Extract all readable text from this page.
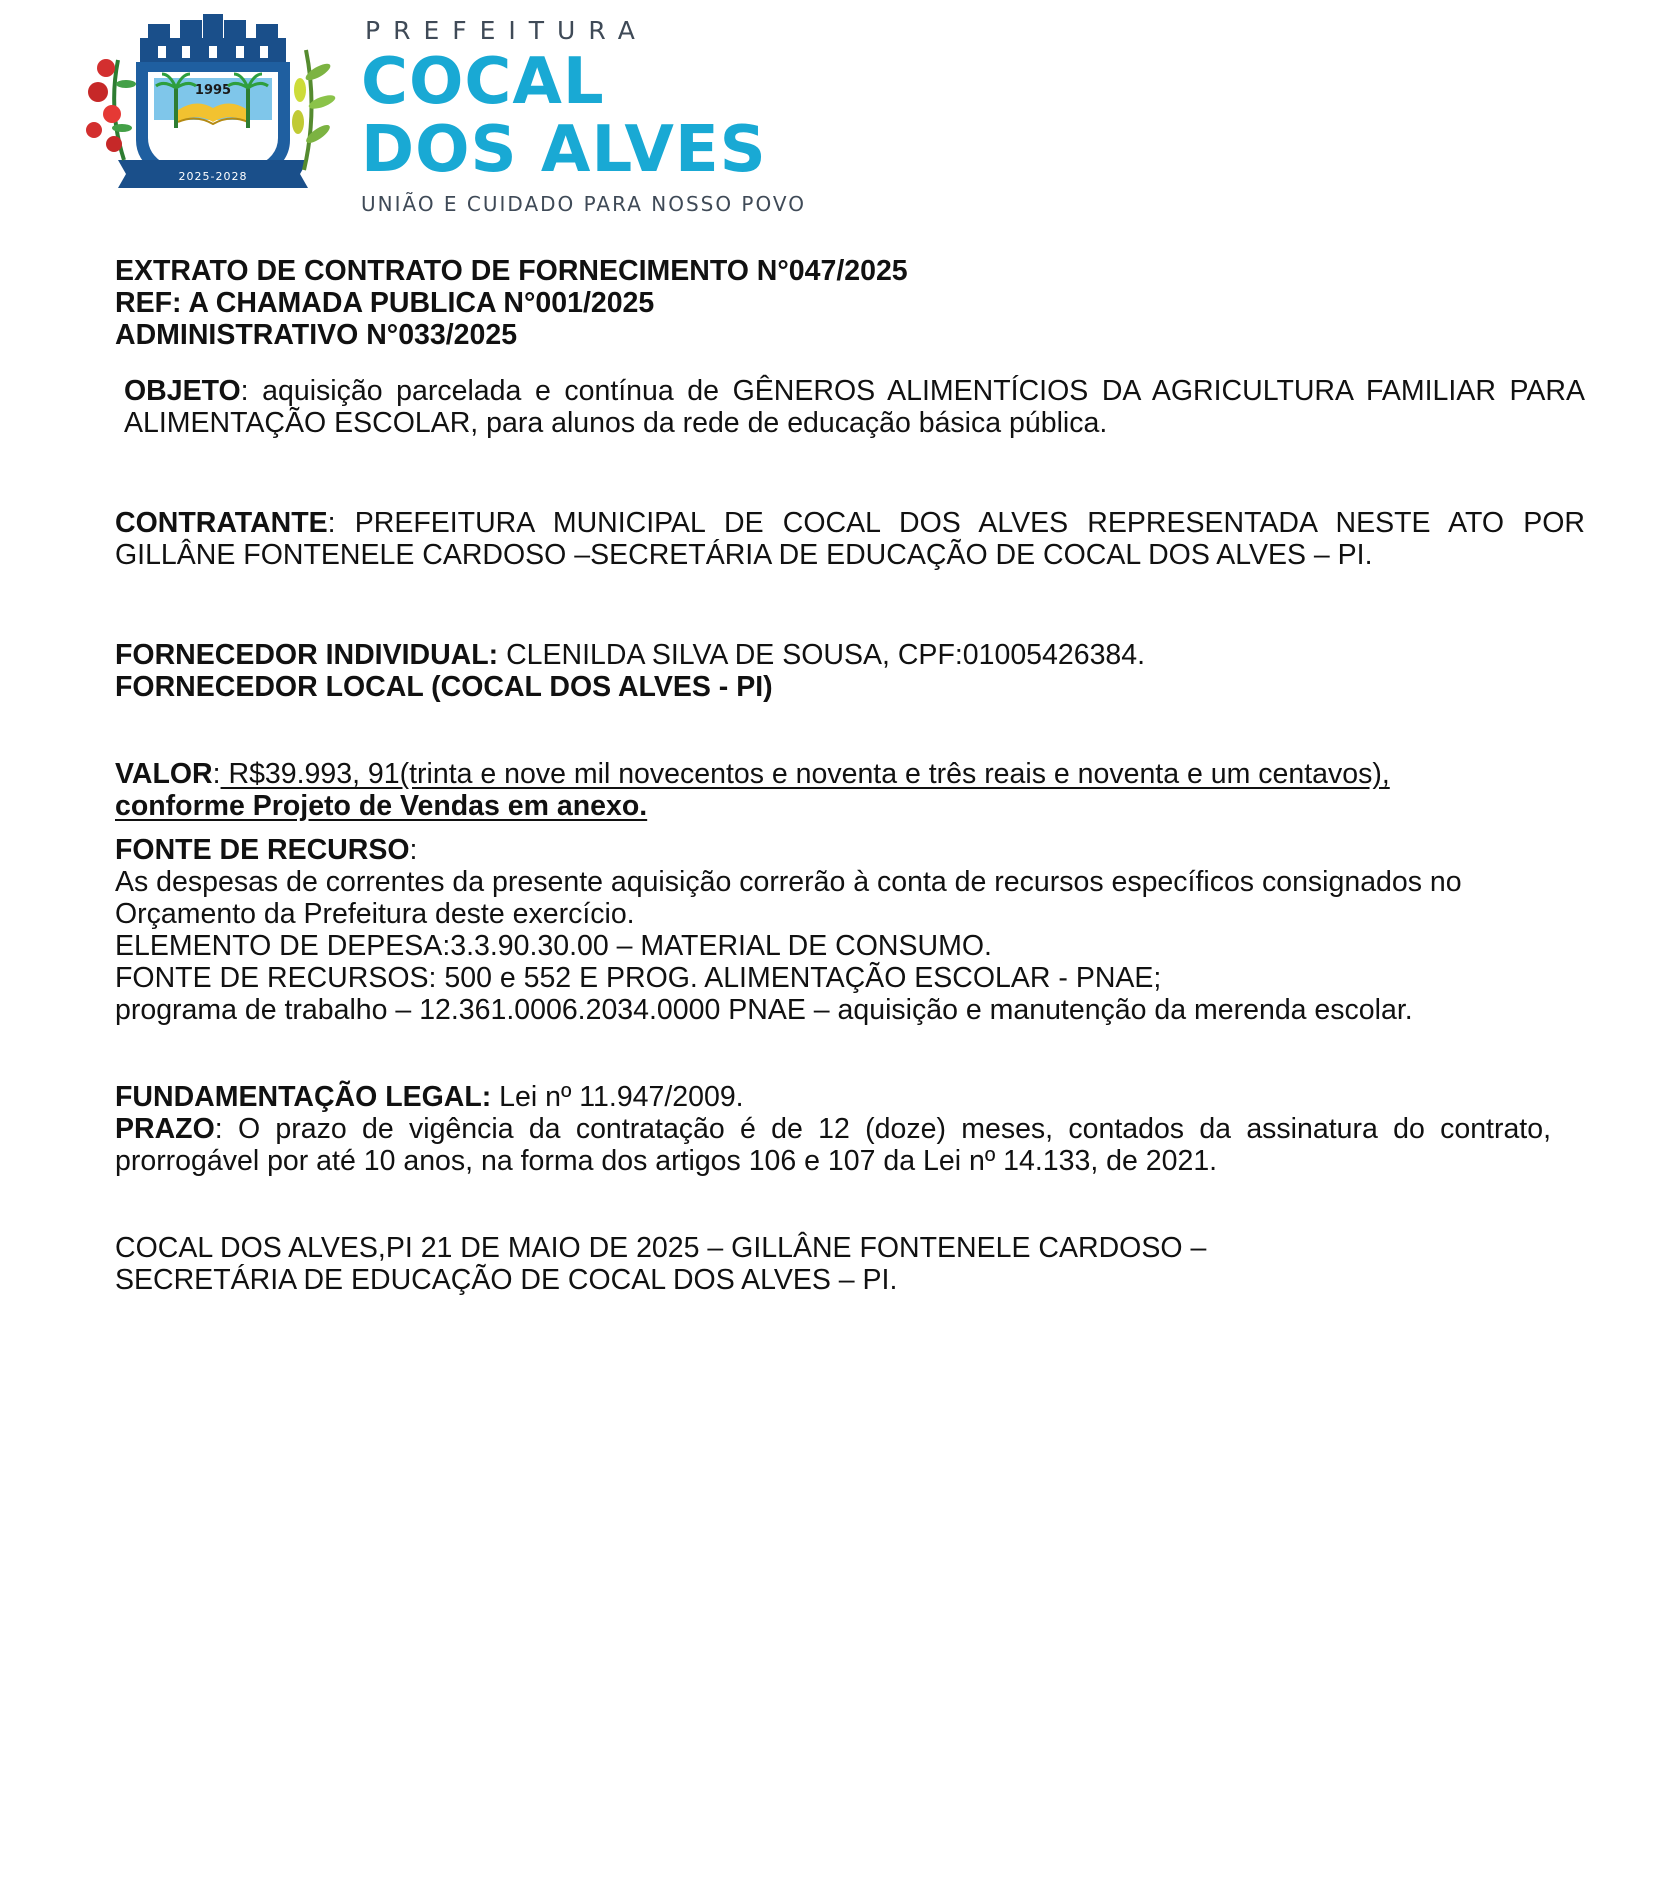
1995
GESTÃO
2025-2028
PREFEITURA
COCAL
DOS ALVES
UNIÃO E CUIDADO PARA NOSSO POVO

EXTRATO DE CONTRATO DE FORNECIMENTO N°047/2025

REF: A CHAMADA PUBLICA N°001/2025

ADMINISTRATIVO N°033/2025

OBJETO: aquisição parcelada e contínua de GÊNEROS ALIMENTÍCIOS DA AGRICULTURA FAMILIAR PARA ALIMENTAÇÃO ESCOLAR, para alunos da rede de educação básica pública.

CONTRATANTE: PREFEITURA MUNICIPAL DE COCAL DOS ALVES REPRESENTADA NESTE ATO POR GILLÂNE FONTENELE CARDOSO –SECRETÁRIA DE EDUCAÇÃO DE COCAL DOS ALVES – PI.

FORNECEDOR INDIVIDUAL: CLENILDA SILVA DE SOUSA, CPF:01005426384.

FORNECEDOR LOCAL (COCAL DOS ALVES - PI)

VALOR: R$39.993, 91(trinta e nove mil novecentos e noventa e três reais e noventa e um centavos), conforme Projeto de Vendas em anexo.

FONTE DE RECURSO:

As despesas de correntes da presente aquisição correrão à conta de recursos específicos consignados no Orçamento da Prefeitura deste exercício.

ELEMENTO DE DEPESA:3.3.90.30.00 – MATERIAL DE CONSUMO.

FONTE DE RECURSOS: 500 e 552 E PROG. ALIMENTAÇÃO ESCOLAR - PNAE;

programa de trabalho – 12.361.0006.2034.0000 PNAE – aquisição e manutenção da merenda escolar.

FUNDAMENTAÇÃO LEGAL: Lei nº 11.947/2009.

PRAZO: O prazo de vigência da contratação é de 12 (doze) meses, contados da assinatura do contrato, prorrogável por até 10 anos, na forma dos artigos 106 e 107 da Lei nº 14.133, de 2021.

COCAL DOS ALVES,PI 21 DE MAIO DE 2025 – GILLÂNE FONTENELE CARDOSO –

SECRETÁRIA DE EDUCAÇÃO DE COCAL DOS ALVES – PI.
